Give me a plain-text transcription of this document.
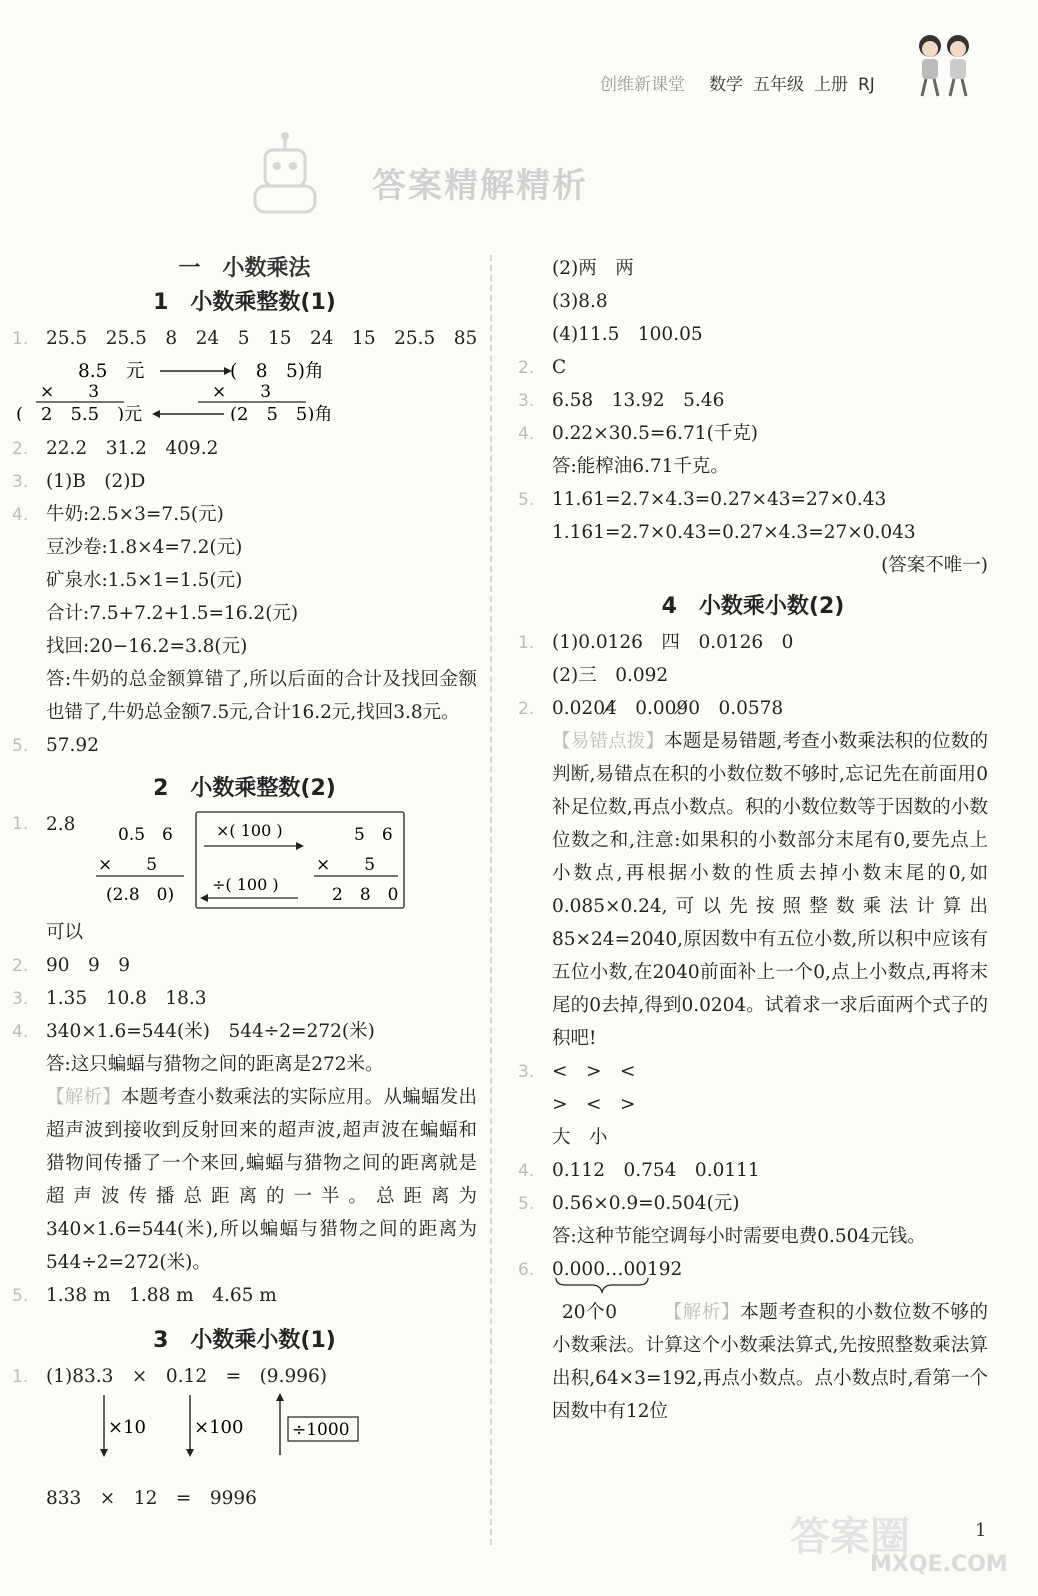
创维新课堂 数学 五年级 上册 RJ
答案精解精析
一　小数乘法
1　小数乘整数(1)
1. 25.5　25.5　8　24　5　15　24　15　25.5　85
8.5　元	(　8　5)角
×　　3	×　　3
(　2　5.5　)元	(2　5　5)角
2. 22.2　31.2　409.2
3. (1)B　(2)D
4. 牛奶:2.5×3=7.5(元)
豆沙卷:1.8×4=7.2(元)
矿泉水:1.5×1=1.5(元)
合计:7.5+7.2+1.5=16.2(元)
找回:20−16.2=3.8(元)
答:牛奶的总金额算错了,所以后面的合计及找回金额也错了,牛奶总金额7.5元,合计16.2元,找回3.8元。
5. 57.92
2　小数乘整数(2)
1. 2.8	0.5　6
×　　5
(2.8　0)
×( 100 )
÷( 100 )
5　6
×　　5
2　8　0
可以
2. 90　9　9
3. 1.35　10.8　18.3
4. 340×1.6=544(米)　544÷2=272(米)
答:这只蝙蝠与猎物之间的距离是272米。
【解析】本题考查小数乘法的实际应用。从蝙蝠发出超声波到接收到反射回来的超声波,超声波在蝙蝠和猎物间传播了一个来回,蝙蝠与猎物之间的距离就是超声波传播总距离的一半。总距离为340×1.6=544(米),所以蝙蝠与猎物之间的距离为544÷2=272(米)。
5. 1.38 m　1.88 m　4.65 m
3　小数乘小数(1)
1. (1)83.3　×　0.12　=　(9.996)
×10	×100	÷1000
833　×　12　=　9996
(2)两　两
(3)8.8
(4)11.5　100.05
2. C
3. 6.58　13.92　5.46
4. 0.22×30.5=6.71(千克)
答:能榨油6.71千克。
5. 11.61=2.7×4.3=0.27×43=27×0.43
1.161=2.7×0.43=0.27×4.3=27×0.043
(答案不唯一)
4　小数乘小数(2)
1. (1)0.0126　四　0.0126　0
(2)三　0.092
2. 0.0204̸　0.009̸0　0.0578
【易错点拨】本题是易错题,考查小数乘法积的位数的判断,易错点在积的小数位数不够时,忘记先在前面用0补足位数,再点小数点。积的小数位数等于因数的小数位数之和,注意:如果积的小数部分末尾有0,要先点上小数点,再根据小数的性质去掉小数末尾的0,如0.085×0.24,可以先按照整数乘法计算出85×24=2040,原因数中有五位小数,所以积中应该有五位小数,在2040前面补上一个0,点上小数点,再将末尾的0去掉,得到0.0204。试着求一求后面两个式子的积吧!
3. <　>　<
>　<　>
大　小
4. 0.112　0.754　0.0111
5. 0.56×0.9=0.504(元)
答:这种节能空调每小时需要电费0.504元钱。
6. 0.000…00192
20个0 【解析】本题考查积的小数位数不够的小数乘法。计算这个小数乘法算式,先按照整数乘法算出积,64×3=192,再点小数点。点小数点时,看第一个因数中有12位
答案圈
MXQE.COM
1
